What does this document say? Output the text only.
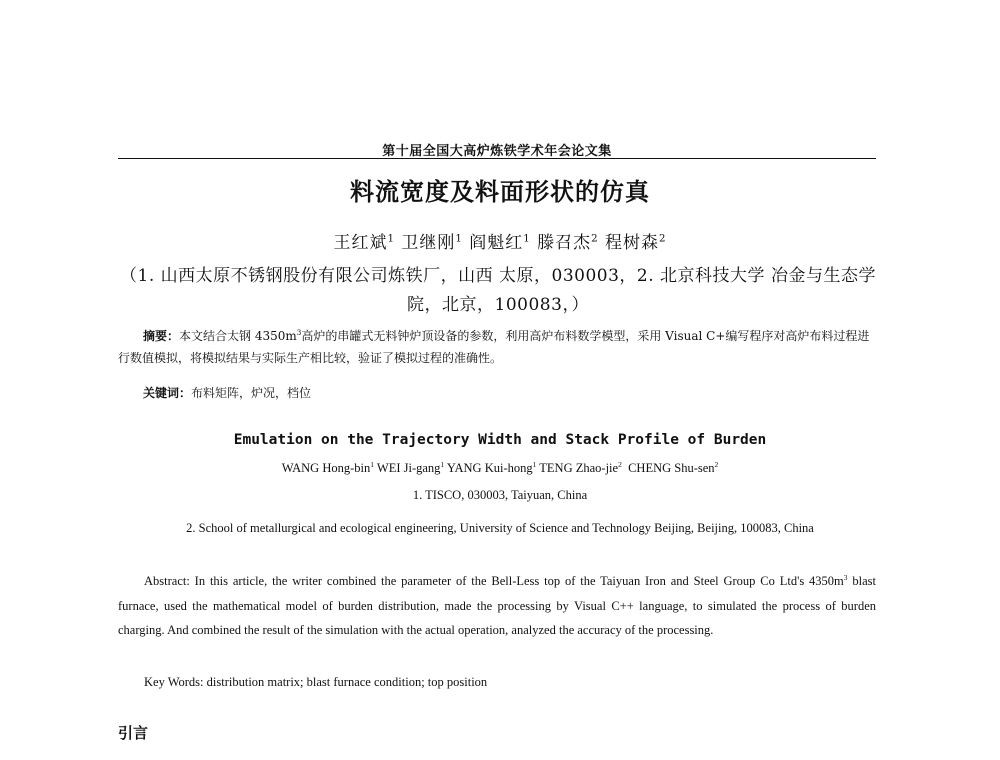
第十届全国大高炉炼铁学术年会论文集
料流宽度及料面形状的仿真
王红斌$^1$ 卫继刚$^1$ 阎魁红$^1$ 滕召杰$^2$ 程树森$^2$
（1. 山西太原不锈钢股份有限公司炼铁厂，山西 太原，030003，2. 北京科技大学 冶金与生态学院，北京，100083，）
摘要：本文结合太钢 $4350m^3$高炉的串罐式无料钟炉顶设备的参数，利用高炉布料数学模型，采用 Visual C+编写程序对高炉布料过程进行数值模拟，将模拟结果与实际生产相比较，验证了模拟过程的准确性。
关键词：布料矩阵，炉况，档位
Emulation on the Trajectory Width and Stack Profile of Burden
WANG Hong-bin$^1$ WEI Ji-gang$^1$ YANG Kui-hong$^1$ TENG Zhao-jie$^2$ CHENG Shu-sen$^2$
1. TISCO, 030003, Taiyuan, China
2. School of metallurgical and ecological engineering, University of Science and Technology Beijing, Beijing, 100083, China
Abstract: In this article, the writer combined the parameter of the Bell-Less top of the Taiyuan Iron and Steel Group Co Ltd's $4350m^3$ blast furnace, used the mathematical model of burden distribution, made the processing by Visual C++ language, to simulated the process of burden charging. And combined the result of the simulation with the actual operation, analyzed the accuracy of the processing.
Key Words: distribution matrix; blast furnace condition; top position
引言
